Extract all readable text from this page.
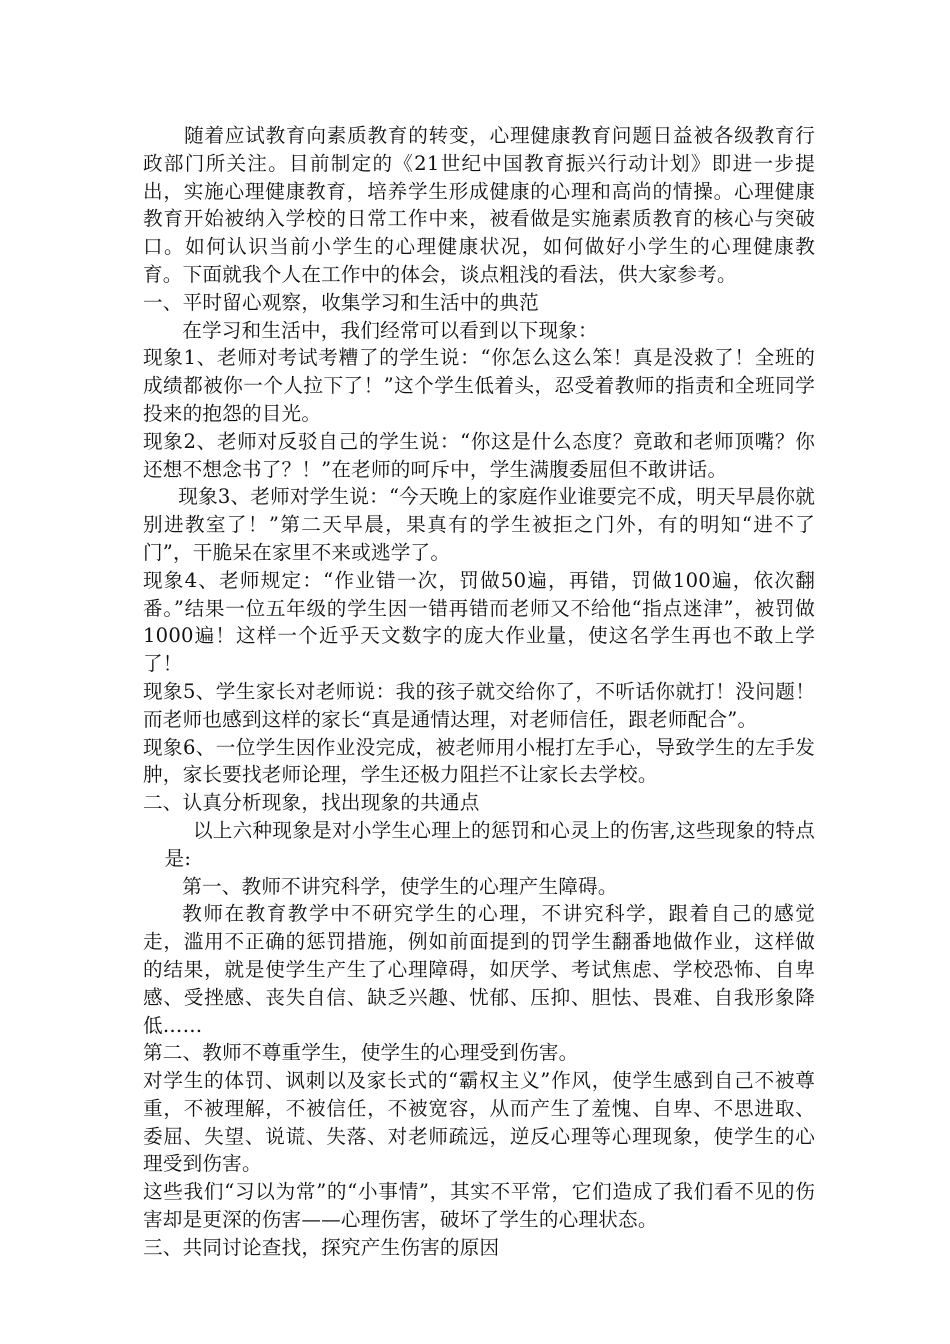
随着应试教育向素质教育的转变，心理健康教育问题日益被各级教育行政部门所关注。目前制定的《21世纪中国教育振兴行动计划》即进一步提出，实施心理健康教育，培养学生形成健康的心理和高尚的情操。心理健康教育开始被纳入学校的日常工作中来，被看做是实施素质教育的核心与突破口。如何认识当前小学生的心理健康状况，如何做好小学生的心理健康教育。下面就我个人在工作中的体会，谈点粗浅的看法，供大家参考。

一、平时留心观察，收集学习和生活中的典范

在学习和生活中，我们经常可以看到以下现象：

现象1、老师对考试考糟了的学生说：“你怎么这么笨！真是没救了！全班的成绩都被你一个人拉下了！”这个学生低着头，忍受着教师的指责和全班同学投来的抱怨的目光。

现象2、老师对反驳自己的学生说：“你这是什么态度？竟敢和老师顶嘴？你还想不想念书了？！”在老师的呵斥中，学生满腹委屈但不敢讲话。

现象3、老师对学生说：“今天晚上的家庭作业谁要完不成，明天早晨你就别进教室了！”第二天早晨，果真有的学生被拒之门外，有的明知“进不了门”，干脆呆在家里不来或逃学了。

现象4、老师规定：“作业错一次，罚做50遍，再错，罚做100遍，依次翻番。”结果一位五年级的学生因一错再错而老师又不给他“指点迷津”，被罚做1000遍！这样一个近乎天文数字的庞大作业量，使这名学生再也不敢上学了！

现象5、学生家长对老师说：我的孩子就交给你了，不听话你就打！没问题！而老师也感到这样的家长“真是通情达理，对老师信任，跟老师配合”。

现象6、一位学生因作业没完成，被老师用小棍打左手心，导致学生的左手发肿，家长要找老师论理，学生还极力阻拦不让家长去学校。

二、认真分析现象，找出现象的共通点

以上六种现象是对小学生心理上的惩罚和心灵上的伤害,这些现象的特点是:

第一、教师不讲究科学，使学生的心理产生障碍。

教师在教育教学中不研究学生的心理，不讲究科学，跟着自己的感觉走，滥用不正确的惩罚措施，例如前面提到的罚学生翻番地做作业，这样做的结果，就是使学生产生了心理障碍，如厌学、考试焦虑、学校恐怖、自卑感、受挫感、丧失自信、缺乏兴趣、忧郁、压抑、胆怯、畏难、自我形象降低……

第二、教师不尊重学生，使学生的心理受到伤害。

对学生的体罚、讽刺以及家长式的“霸权主义”作风，使学生感到自己不被尊重，不被理解，不被信任，不被宽容，从而产生了羞愧、自卑、不思进取、委屈、失望、说谎、失落、对老师疏远，逆反心理等心理现象，使学生的心理受到伤害。

这些我们“习以为常”的“小事情”，其实不平常，它们造成了我们看不见的伤害却是更深的伤害——心理伤害，破坏了学生的心理状态。

三、共同讨论查找，探究产生伤害的原因
